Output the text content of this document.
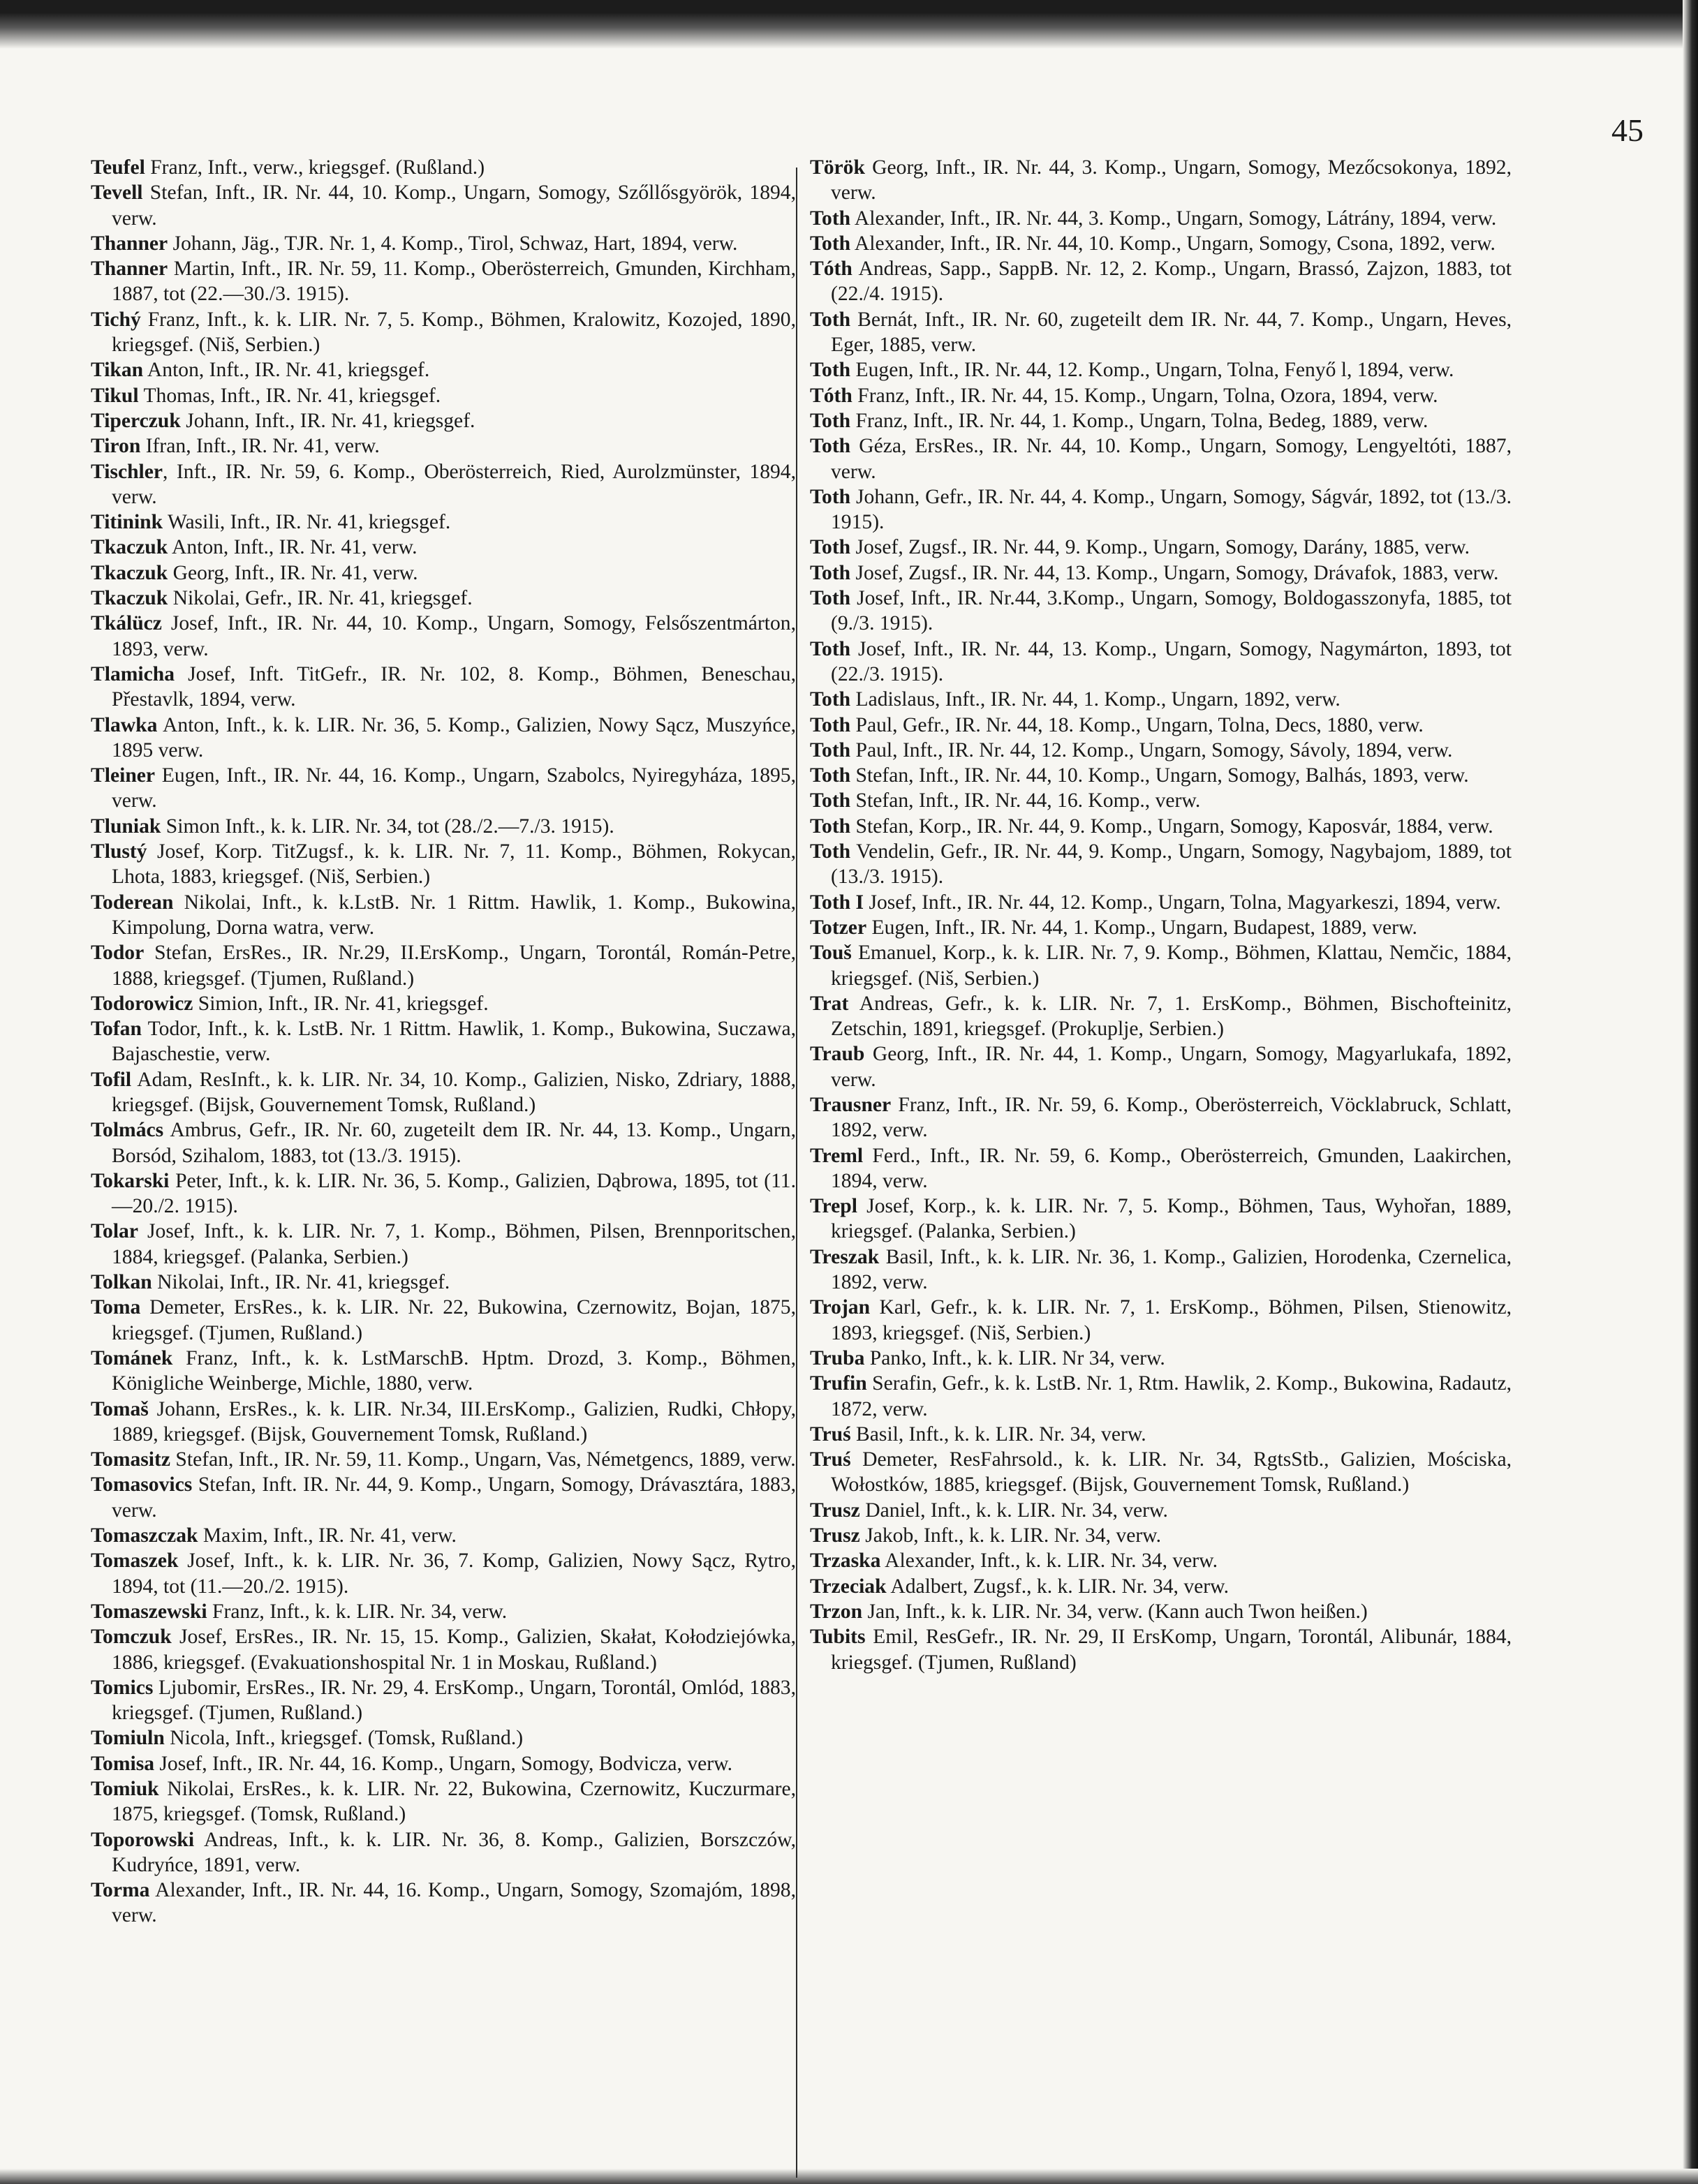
45

Teufel Franz, Inft., verw., kriegsgef. (Rußland.)

Tevell Stefan, Inft., IR. Nr. 44, 10. Komp., Ungarn, Somogy, Szőllősgyörök, 1894, verw.

Thanner Johann, Jäg., TJR. Nr. 1, 4. Komp., Tirol, Schwaz, Hart, 1894, verw.

Thanner Martin, Inft., IR. Nr. 59, 11. Komp., Oberösterreich, Gmunden, Kirchham, 1887, tot (22.—30./3. 1915).

Tichý Franz, Inft., k. k. LIR. Nr. 7, 5. Komp., Böhmen, Kralowitz, Kozojed, 1890, kriegsgef. (Niš, Serbien.)

Tikan Anton, Inft., IR. Nr. 41, kriegsgef.

Tikul Thomas, Inft., IR. Nr. 41, kriegsgef.

Tiperczuk Johann, Inft., IR. Nr. 41, kriegsgef.

Tiron Ifran, Inft., IR. Nr. 41, verw.

Tischler, Inft., IR. Nr. 59, 6. Komp., Oberösterreich, Ried, Aurolzmünster, 1894, verw.

Titinink Wasili, Inft., IR. Nr. 41, kriegsgef.

Tkaczuk Anton, Inft., IR. Nr. 41, verw.

Tkaczuk Georg, Inft., IR. Nr. 41, verw.

Tkaczuk Nikolai, Gefr., IR. Nr. 41, kriegsgef.

Tkálücz Josef, Inft., IR. Nr. 44, 10. Komp., Ungarn, Somogy, Felsőszentmárton, 1893, verw.

Tlamicha Josef, Inft. TitGefr., IR. Nr. 102, 8. Komp., Böhmen, Beneschau, Přestavlk, 1894, verw.

Tlawka Anton, Inft., k. k. LIR. Nr. 36, 5. Komp., Galizien, Nowy Sącz, Muszyńce, 1895 verw.

Tleiner Eugen, Inft., IR. Nr. 44, 16. Komp., Ungarn, Szabolcs, Nyiregyháza, 1895, verw.

Tluniak Simon Inft., k. k. LIR. Nr. 34, tot (28./2.—7./3. 1915).

Tlustý Josef, Korp. TitZugsf., k. k. LIR. Nr. 7, 11. Komp., Böhmen, Rokycan, Lhota, 1883, kriegsgef. (Niš, Serbien.)

Toderean Nikolai, Inft., k. k.LstB. Nr. 1 Rittm. Hawlik, 1. Komp., Bukowina, Kimpolung, Dorna watra, verw.

Todor Stefan, ErsRes., IR. Nr.29, II.ErsKomp., Ungarn, Torontál, Román-Petre, 1888, kriegsgef. (Tjumen, Rußland.)

Todorowicz Simion, Inft., IR. Nr. 41, kriegsgef.

Tofan Todor, Inft., k. k. LstB. Nr. 1 Rittm. Hawlik, 1. Komp., Bukowina, Suczawa, Bajaschestie, verw.

Tofil Adam, ResInft., k. k. LIR. Nr. 34, 10. Komp., Galizien, Nisko, Zdriary, 1888, kriegsgef. (Bijsk, Gouvernement Tomsk, Rußland.)

Tolmács Ambrus, Gefr., IR. Nr. 60, zugeteilt dem IR. Nr. 44, 13. Komp., Ungarn, Borsód, Szihalom, 1883, tot (13./3. 1915).

Tokarski Peter, Inft., k. k. LIR. Nr. 36, 5. Komp., Galizien, Dąbrowa, 1895, tot (11.—20./2. 1915).

Tolar Josef, Inft., k. k. LIR. Nr. 7, 1. Komp., Böhmen, Pilsen, Brennporitschen, 1884, kriegsgef. (Palanka, Serbien.)

Tolkan Nikolai, Inft., IR. Nr. 41, kriegsgef.

Toma Demeter, ErsRes., k. k. LIR. Nr. 22, Bukowina, Czernowitz, Bojan, 1875, kriegsgef. (Tjumen, Rußland.)

Tománek Franz, Inft., k. k. LstMarschB. Hptm. Drozd, 3. Komp., Böhmen, Königliche Weinberge, Michle, 1880, verw.

Tomaš Johann, ErsRes., k. k. LIR. Nr.34, III.ErsKomp., Galizien, Rudki, Chłopy, 1889, kriegsgef. (Bijsk, Gouvernement Tomsk, Rußland.)

Tomasitz Stefan, Inft., IR. Nr. 59, 11. Komp., Ungarn, Vas, Németgencs, 1889, verw.

Tomasovics Stefan, Inft. IR. Nr. 44, 9. Komp., Ungarn, Somogy, Drávasztára, 1883, verw.

Tomaszczak Maxim, Inft., IR. Nr. 41, verw.

Tomaszek Josef, Inft., k. k. LIR. Nr. 36, 7. Komp, Galizien, Nowy Sącz, Rytro, 1894, tot (11.—20./2. 1915).

Tomaszewski Franz, Inft., k. k. LIR. Nr. 34, verw.

Tomczuk Josef, ErsRes., IR. Nr. 15, 15. Komp., Galizien, Skałat, Kołodziejówka, 1886, kriegsgef. (Evakuationshospital Nr. 1 in Moskau, Rußland.)

Tomics Ljubomir, ErsRes., IR. Nr. 29, 4. ErsKomp., Ungarn, Torontál, Omlód, 1883, kriegsgef. (Tjumen, Rußland.)

Tomiuln Nicola, Inft., kriegsgef. (Tomsk, Rußland.)

Tomisa Josef, Inft., IR. Nr. 44, 16. Komp., Ungarn, Somogy, Bodvicza, verw.

Tomiuk Nikolai, ErsRes., k. k. LIR. Nr. 22, Bukowina, Czernowitz, Kuczurmare, 1875, kriegsgef. (Tomsk, Rußland.)

Toporowski Andreas, Inft., k. k. LIR. Nr. 36, 8. Komp., Galizien, Borszczów, Kudryńce, 1891, verw.

Torma Alexander, Inft., IR. Nr. 44, 16. Komp., Ungarn, Somogy, Szomajóm, 1898, verw.

Török Georg, Inft., IR. Nr. 44, 3. Komp., Ungarn, Somogy, Mezőcsokonya, 1892, verw.

Toth Alexander, Inft., IR. Nr. 44, 3. Komp., Ungarn, Somogy, Látrány, 1894, verw.

Toth Alexander, Inft., IR. Nr. 44, 10. Komp., Ungarn, Somogy, Csona, 1892, verw.

Tóth Andreas, Sapp., SappB. Nr. 12, 2. Komp., Ungarn, Brassó, Zajzon, 1883, tot (22./4. 1915).

Toth Bernát, Inft., IR. Nr. 60, zugeteilt dem IR. Nr. 44, 7. Komp., Ungarn, Heves, Eger, 1885, verw.

Toth Eugen, Inft., IR. Nr. 44, 12. Komp., Ungarn, Tolna, Fenyő l, 1894, verw.

Tóth Franz, Inft., IR. Nr. 44, 15. Komp., Ungarn, Tolna, Ozora, 1894, verw.

Toth Franz, Inft., IR. Nr. 44, 1. Komp., Ungarn, Tolna, Bedeg, 1889, verw.

Toth Géza, ErsRes., IR. Nr. 44, 10. Komp., Ungarn, Somogy, Lengyeltóti, 1887, verw.

Toth Johann, Gefr., IR. Nr. 44, 4. Komp., Ungarn, Somogy, Ságvár, 1892, tot (13./3. 1915).

Toth Josef, Zugsf., IR. Nr. 44, 9. Komp., Ungarn, Somogy, Darány, 1885, verw.

Toth Josef, Zugsf., IR. Nr. 44, 13. Komp., Ungarn, Somogy, Drávafok, 1883, verw.

Toth Josef, Inft., IR. Nr.44, 3.Komp., Ungarn, Somogy, Boldogasszonyfa, 1885, tot (9./3. 1915).

Toth Josef, Inft., IR. Nr. 44, 13. Komp., Ungarn, Somogy, Nagymárton, 1893, tot (22./3. 1915).

Toth Ladislaus, Inft., IR. Nr. 44, 1. Komp., Ungarn, 1892, verw.

Toth Paul, Gefr., IR. Nr. 44, 18. Komp., Ungarn, Tolna, Decs, 1880, verw.

Toth Paul, Inft., IR. Nr. 44, 12. Komp., Ungarn, Somogy, Sávoly, 1894, verw.

Toth Stefan, Inft., IR. Nr. 44, 10. Komp., Ungarn, Somogy, Balhás, 1893, verw.

Toth Stefan, Inft., IR. Nr. 44, 16. Komp., verw.

Toth Stefan, Korp., IR. Nr. 44, 9. Komp., Ungarn, Somogy, Kaposvár, 1884, verw.

Toth Vendelin, Gefr., IR. Nr. 44, 9. Komp., Ungarn, Somogy, Nagybajom, 1889, tot (13./3. 1915).

Toth I Josef, Inft., IR. Nr. 44, 12. Komp., Ungarn, Tolna, Magyarkeszi, 1894, verw.

Totzer Eugen, Inft., IR. Nr. 44, 1. Komp., Ungarn, Budapest, 1889, verw.

Touš Emanuel, Korp., k. k. LIR. Nr. 7, 9. Komp., Böhmen, Klattau, Nemčic, 1884, kriegsgef. (Niš, Serbien.)

Trat Andreas, Gefr., k. k. LIR. Nr. 7, 1. ErsKomp., Böhmen, Bischofteinitz, Zetschin, 1891, kriegsgef. (Prokuplje, Serbien.)

Traub Georg, Inft., IR. Nr. 44, 1. Komp., Ungarn, Somogy, Magyarlukafa, 1892, verw.

Trausner Franz, Inft., IR. Nr. 59, 6. Komp., Oberösterreich, Vöcklabruck, Schlatt, 1892, verw.

Treml Ferd., Inft., IR. Nr. 59, 6. Komp., Oberösterreich, Gmunden, Laakirchen, 1894, verw.

Trepl Josef, Korp., k. k. LIR. Nr. 7, 5. Komp., Böhmen, Taus, Wyhořan, 1889, kriegsgef. (Palanka, Serbien.)

Treszak Basil, Inft., k. k. LIR. Nr. 36, 1. Komp., Galizien, Horodenka, Czernelica, 1892, verw.

Trojan Karl, Gefr., k. k. LIR. Nr. 7, 1. ErsKomp., Böhmen, Pilsen, Stienowitz, 1893, kriegsgef. (Niš, Serbien.)

Truba Panko, Inft., k. k. LIR. Nr 34, verw.

Trufin Serafin, Gefr., k. k. LstB. Nr. 1, Rtm. Hawlik, 2. Komp., Bukowina, Radautz, 1872, verw.

Truś Basil, Inft., k. k. LIR. Nr. 34, verw.

Truś Demeter, ResFahrsold., k. k. LIR. Nr. 34, RgtsStb., Galizien, Mościska, Wołostków, 1885, kriegsgef. (Bijsk, Gouvernement Tomsk, Rußland.)

Trusz Daniel, Inft., k. k. LIR. Nr. 34, verw.

Trusz Jakob, Inft., k. k. LIR. Nr. 34, verw.

Trzaska Alexander, Inft., k. k. LIR. Nr. 34, verw.

Trzeciak Adalbert, Zugsf., k. k. LIR. Nr. 34, verw.

Trzon Jan, Inft., k. k. LIR. Nr. 34, verw. (Kann auch Twon heißen.)

Tubits Emil, ResGefr., IR. Nr. 29, II ErsKomp, Ungarn, Torontál, Alibunár, 1884, kriegsgef. (Tjumen, Rußland)
